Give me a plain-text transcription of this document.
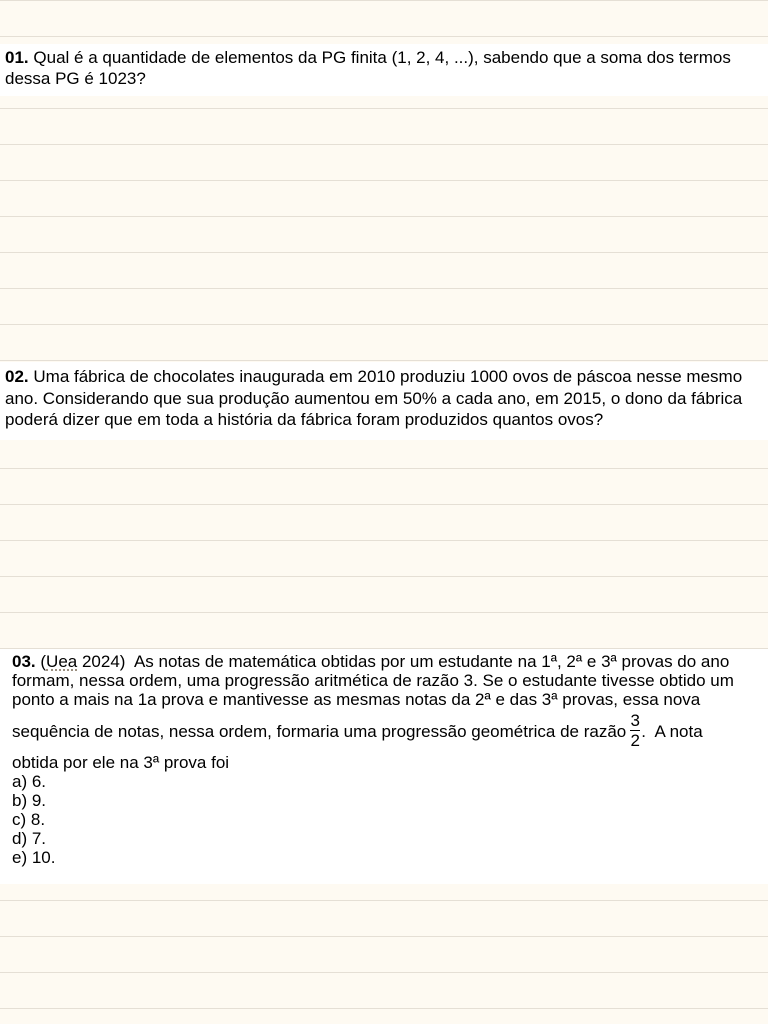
01. Qual é a quantidade de elementos da PG finita (1, 2, 4, ...), sabendo que a soma dos termos
dessa PG é 1023?
02. Uma fábrica de chocolates inaugurada em 2010 produziu 1000 ovos de páscoa nesse mesmo
ano. Considerando que sua produção aumentou em 50% a cada ano, em 2015, o dono da fábrica
poderá dizer que em toda a história da fábrica foram produzidos quantos ovos?
03. (Uea 2024)  As notas de matemática obtidas por um estudante na 1ª, 2ª e 3ª provas do ano
formam, nessa ordem, uma progressão aritmética de razão 3. Se o estudante tivesse obtido um
ponto a mais na 1a prova e mantivesse as mesmas notas da 2ª e das 3ª provas, essa nova
sequência de notas, nessa ordem, formaria uma progressão geométrica de razão $\frac{3}{2}$ .  A nota
obtida por ele na 3ª prova foi
a) 6.
b) 9.
c) 8.
d) 7.
e) 10.
